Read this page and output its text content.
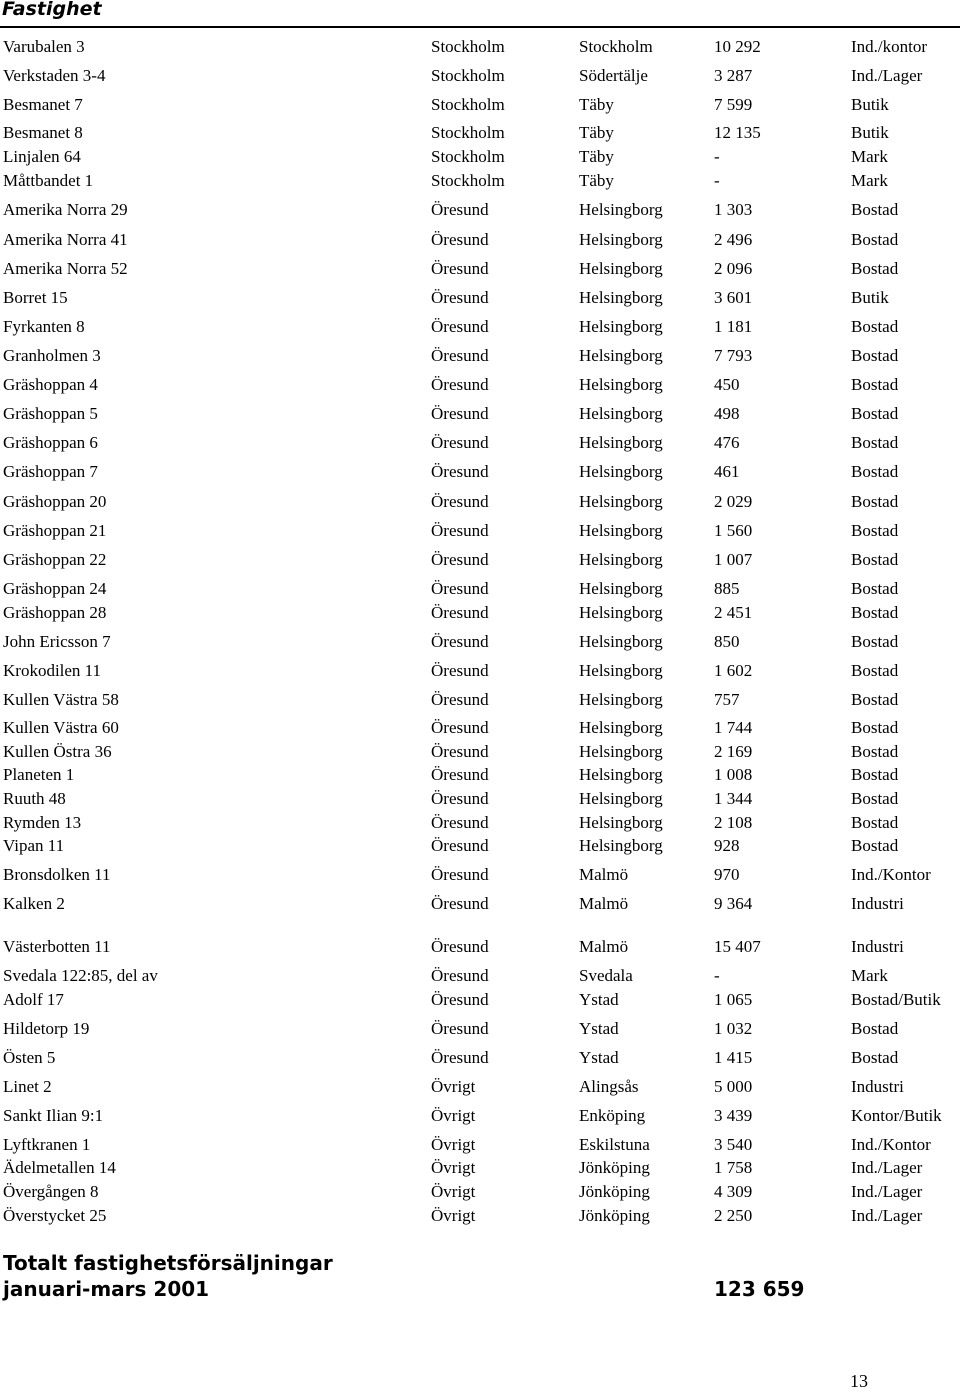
Fastighet
Varubalen 3	Stockholm	Stockholm	10 292	Ind./kontor
Verkstaden 3-4	Stockholm	Södertälje	3 287	Ind./Lager
Besmanet 7	Stockholm	Täby	7 599	Butik
Besmanet 8	Stockholm	Täby	12 135	Butik
Linjalen 64	Stockholm	Täby	-	Mark
Måttbandet 1	Stockholm	Täby	-	Mark
Amerika Norra 29	Öresund	Helsingborg	1 303	Bostad
Amerika Norra 41	Öresund	Helsingborg	2 496	Bostad
Amerika Norra 52	Öresund	Helsingborg	2 096	Bostad
Borret 15	Öresund	Helsingborg	3 601	Butik
Fyrkanten 8	Öresund	Helsingborg	1 181	Bostad
Granholmen 3	Öresund	Helsingborg	7 793	Bostad
Gräshoppan 4	Öresund	Helsingborg	450	Bostad
Gräshoppan 5	Öresund	Helsingborg	498	Bostad
Gräshoppan 6	Öresund	Helsingborg	476	Bostad
Gräshoppan 7	Öresund	Helsingborg	461	Bostad
Gräshoppan 20	Öresund	Helsingborg	2 029	Bostad
Gräshoppan 21	Öresund	Helsingborg	1 560	Bostad
Gräshoppan 22	Öresund	Helsingborg	1 007	Bostad
Gräshoppan 24	Öresund	Helsingborg	885	Bostad
Gräshoppan 28	Öresund	Helsingborg	2 451	Bostad
John Ericsson 7	Öresund	Helsingborg	850	Bostad
Krokodilen 11	Öresund	Helsingborg	1 602	Bostad
Kullen Västra 58	Öresund	Helsingborg	757	Bostad
Kullen Västra 60	Öresund	Helsingborg	1 744	Bostad
Kullen Östra 36	Öresund	Helsingborg	2 169	Bostad
Planeten 1	Öresund	Helsingborg	1 008	Bostad
Ruuth 48	Öresund	Helsingborg	1 344	Bostad
Rymden 13	Öresund	Helsingborg	2 108	Bostad
Vipan 11	Öresund	Helsingborg	928	Bostad
Bronsdolken 11	Öresund	Malmö	970	Ind./Kontor
Kalken 2	Öresund	Malmö	9 364	Industri
Västerbotten 11	Öresund	Malmö	15 407	Industri
Svedala 122:85, del av	Öresund	Svedala	-	Mark
Adolf 17	Öresund	Ystad	1 065	Bostad/Butik
Hildetorp 19	Öresund	Ystad	1 032	Bostad
Östen 5	Öresund	Ystad	1 415	Bostad
Linet 2	Övrigt	Alingsås	5 000	Industri
Sankt Ilian 9:1	Övrigt	Enköping	3 439	Kontor/Butik
Lyftkranen 1	Övrigt	Eskilstuna	3 540	Ind./Kontor
Ädelmetallen 14	Övrigt	Jönköping	1 758	Ind./Lager
Övergången 8	Övrigt	Jönköping	4 309	Ind./Lager
Överstycket 25	Övrigt	Jönköping	2 250	Ind./Lager
Totalt fastighetsförsäljningar
januari-mars 2001	123 659
13
